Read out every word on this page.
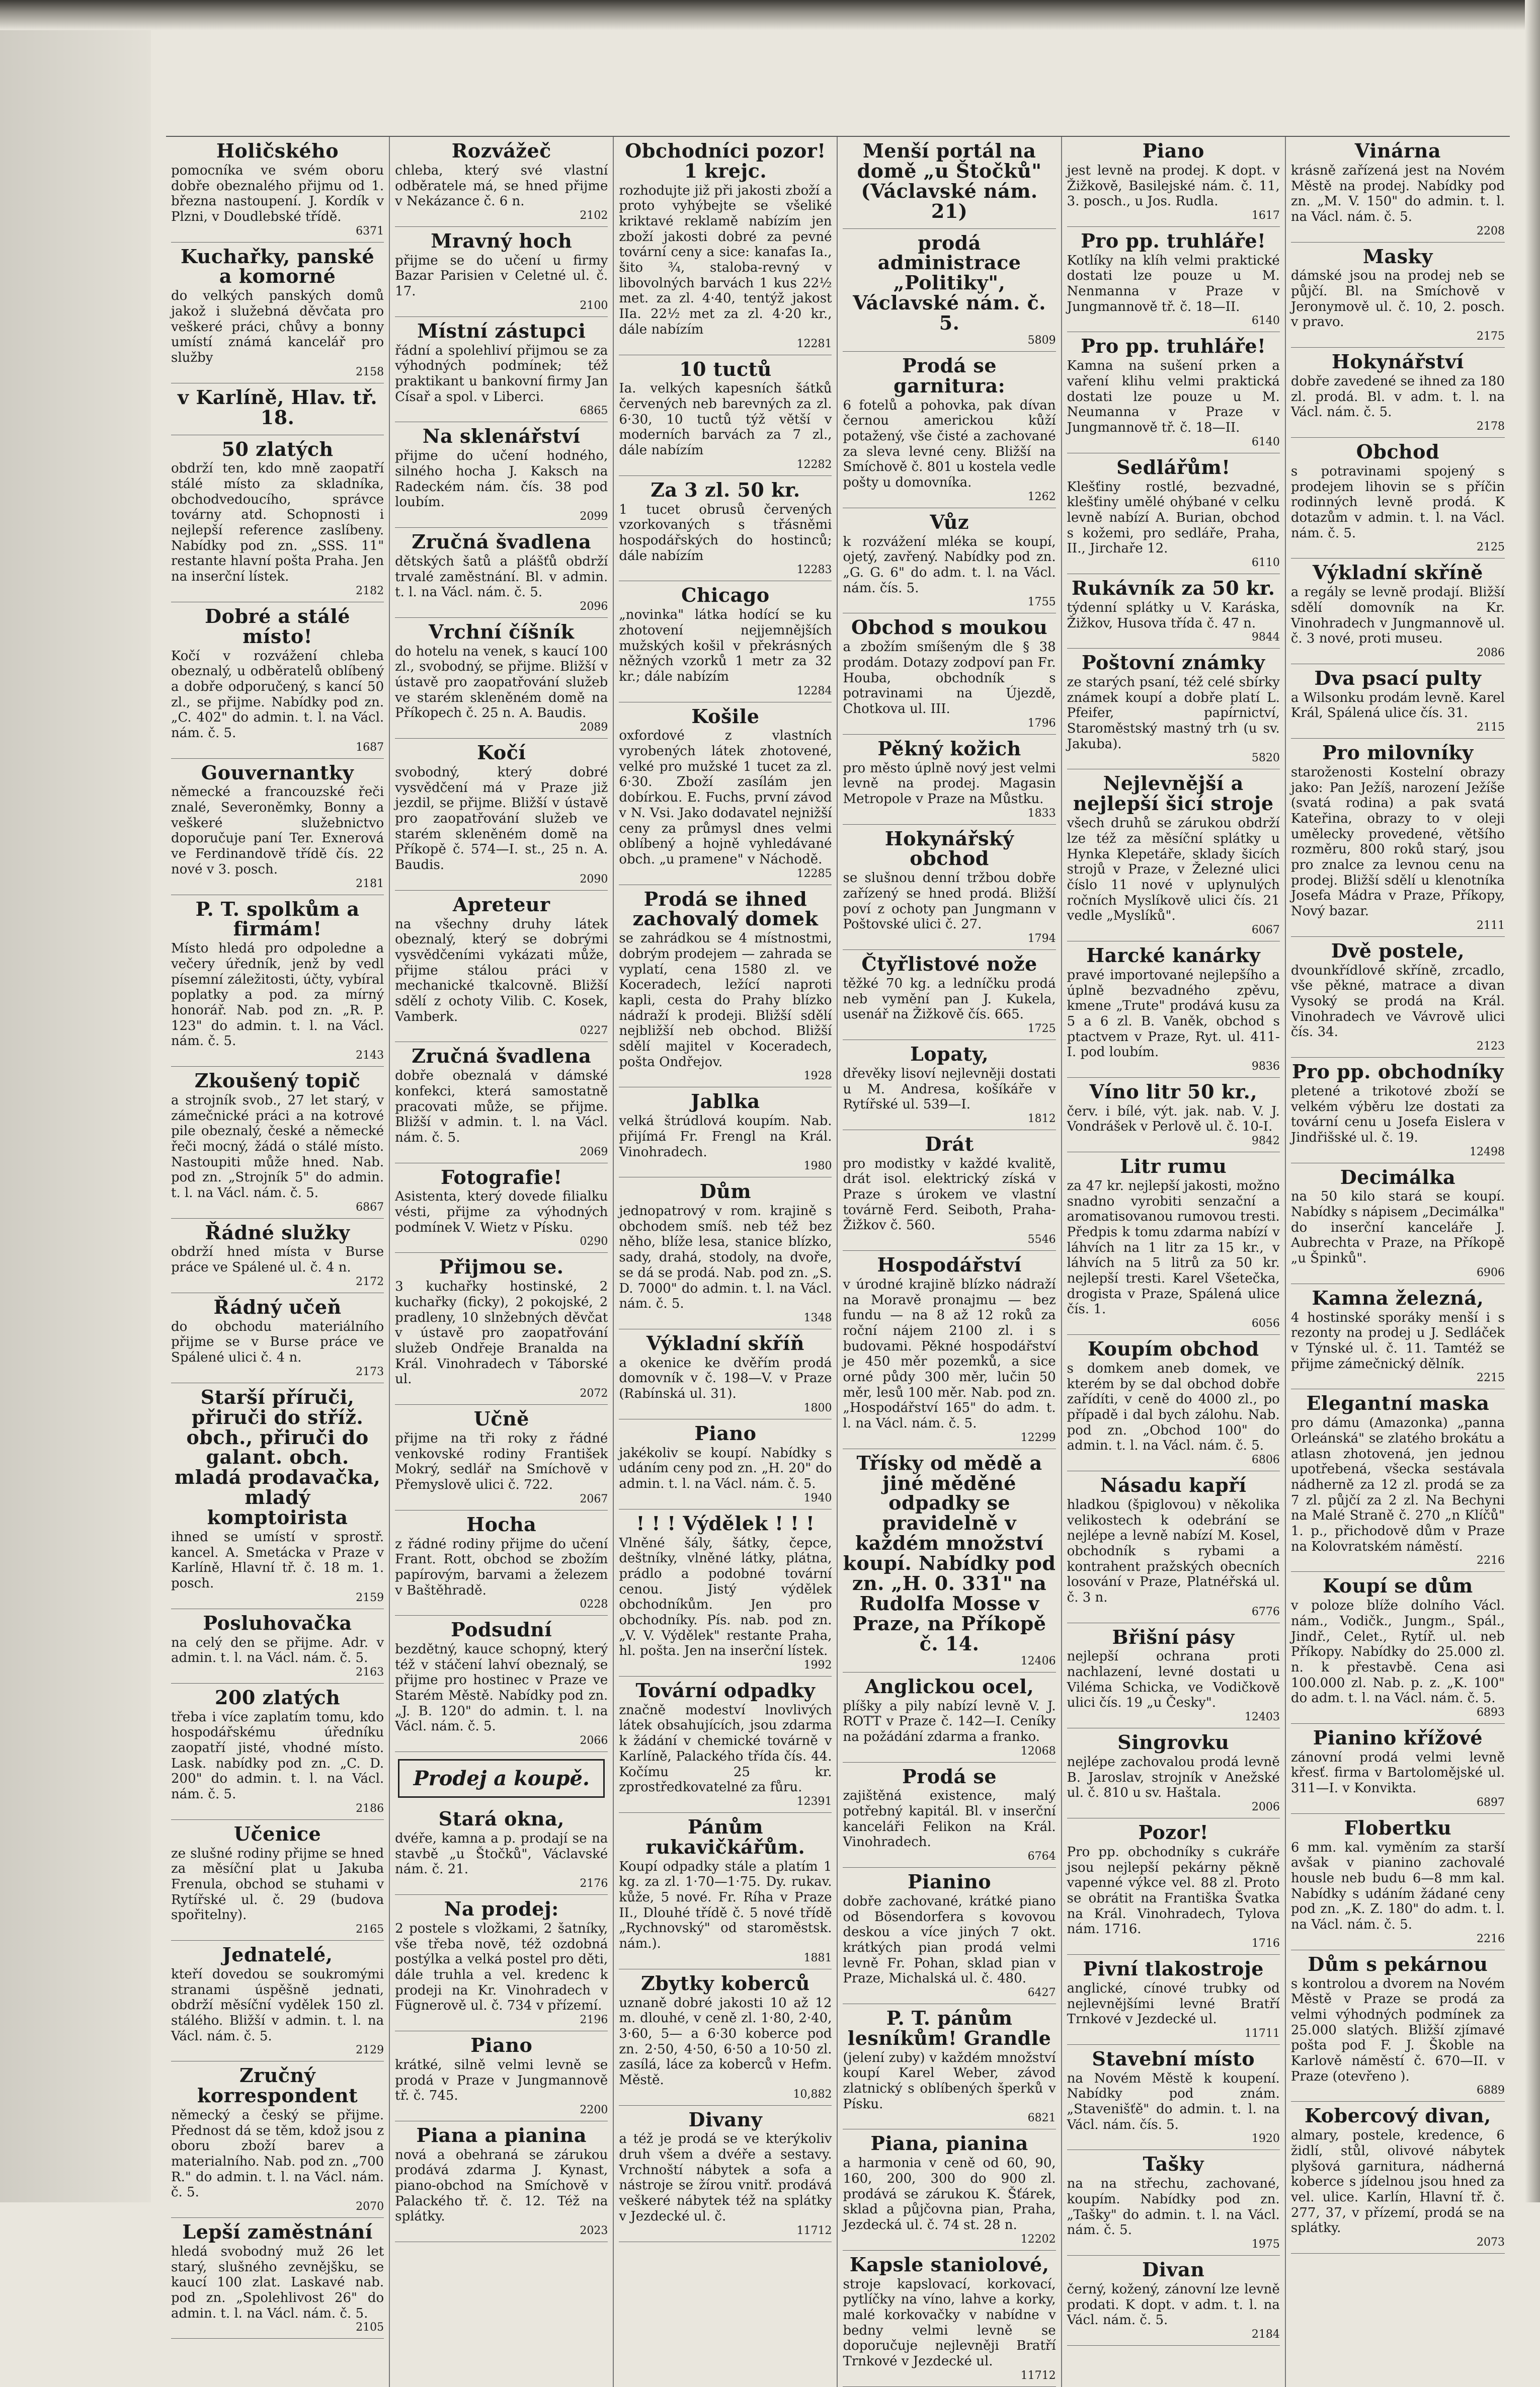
Holičského

pomocníka ve svém oboru dobře obeznalého přijmu od 1. března nastoupení. J. Kordík v Plzni, v Doudlebské třídě.

6371
Kuchařky, panské a komorné

do velkých panských domů jakož i služebná děvčata pro veškeré práci, chůvy a bonny umístí známá kancelář pro služby

2158
v Karlíně, Hlav. tř. 18.
50 zlatých

obdrží ten, kdo mně zaopatří stálé místo za skladníka, obchodvedoucího, správce továrny atd. Schopnosti i nejlepší reference zaslíbeny. Nabídky pod zn. „SSS. 11" restante hlavní pošta Praha. Jen na inserční lístek.

2182
Dobré a stálé místo!

Kočí v rozvážení chleba obeznalý, u odběratelů oblíbený a dobře odporučený, s kancí 50 zl., se přijme. Nabídky pod zn. „C. 402" do admin. t. l. na Václ. nám. č. 5.

1687
Gouvernantky

německé a francouzské řeči znalé, Severoněmky, Bonny a veškeré služebnictvo doporučuje paní Ter. Exnerová ve Ferdinandově třídě čís. 22 nové v 3. posch.

2181
P. T. spolkům a firmám!

Místo hledá pro odpoledne a večery úředník, jenž by vedl písemní záležitosti, účty, vybíral poplatky a pod. za mírný honorář. Nab. pod zn. „R. P. 123" do admin. t. l. na Václ. nám. č. 5.

2143
Zkoušený topič

a strojník svob., 27 let starý, v zámečnické práci a na kotrové pile obeznalý, české a německé řeči mocný, žádá o stálé místo. Nastoupiti může hned. Nab. pod zn. „Strojník 5" do admin. t. l. na Václ. nám. č. 5.

6867
Řádné služky

obdrží hned místa v Burse práce ve Spálené ul. č. 4 n.

2172
Řádný učeň

do obchodu materiálního přijme se v Burse práce ve Spálené ulici č. 4 n.

2173
Starší příruči, přiruči do stříž. obch., přiruči do galant. obch. mladá prodavačka, mladý komptoirista

ihned se umístí v sprostř. kancel. A. Smetácka v Praze v Karlíně, Hlavní tř. č. 18 m. 1. posch.

2159
Posluhovačka

na celý den se přijme. Adr. v admin. t. l. na Václ. nám. č. 5.

2163
200 zlatých

třeba i více zaplatím tomu, kdo hospodářskému úředníku zaopatří jisté, vhodné místo. Lask. nabídky pod zn. „C. D. 200" do admin. t. l. na Václ. nám. č. 5.

2186
Učenice

ze slušné rodiny přijme se hned za měsíční plat u Jakuba Frenula, obchod se stuhami v Rytířské ul. č. 29 (budova spořitelny).

2165
Jednatelé,

kteří dovedou se soukromými stranami úspěšně jednati, obdrží měsíční vydělek 150 zl. stálého. Bližší v admin. t. l. na Václ. nám. č. 5.

2129
Zručný korrespondent

německý a český se přijme. Přednost dá se těm, kdož jsou z oboru zboží barev a materialního. Nab. pod zn. „700 R." do admin. t. l. na Václ. nám. č. 5.

2070
Lepší zaměstnání

hledá svobodný muž 26 let starý, slušného zevnějšku, se kaucí 100 zlat. Laskavé nab. pod zn. „Spolehlivost 26" do admin. t. l. na Václ. nám. č. 5.

2105
Rozvážeč

chleba, který své vlastní odběratele má, se hned přijme v Nekázance č. 6 n.

2102
Mravný hoch

přijme se do učení u firmy Bazar Parisien v Celetné ul. č. 17.

2100
Místní zástupci

řádní a spolehliví přijmou se za výhodných podmínek; též praktikant u bankovní firmy Jan Císař a spol. v Liberci.

6865
Na sklenářství

přijme do učení hodného, silného hocha J. Kaksch na Radeckém nám. čís. 38 pod loubím.

2099
Zručná švadlena

dětských šatů a plášťů obdrží trvalé zaměstnání. Bl. v admin. t. l. na Václ. nám. č. 5.

2096
Vrchní číšník

do hotelu na venek, s kaucí 100 zl., svobodný, se přijme. Bližší v ústavě pro zaopatřování služeb ve starém skleněném domě na Příkopech č. 25 n. A. Baudis.

2089
Kočí

svobodný, který dobré vysvědčení má v Praze již jezdil, se přijme. Bližší v ústavě pro zaopatřování služeb ve starém skleněném domě na Příkopě č. 574—I. st., 25 n. A. Baudis.

2090
Apreteur

na všechny druhy látek obeznalý, který se dobrými vysvědčeními vykázati může, přijme stálou práci v mechanické tkalcovně. Bližší sdělí z ochoty Vilib. C. Kosek, Vamberk.

0227
Zručná švadlena

dobře obeznalá v dámské konfekci, která samostatně pracovati může, se přijme. Bližší v admin. t. l. na Václ. nám. č. 5.

2069
Fotografie!

Asistenta, který dovede filialku vésti, přijme za výhodných podmínek V. Wietz v Písku.

0290
Přijmou se.

3 kuchařky hostinské, 2 kuchařky (ficky), 2 pokojské, 2 pradleny, 10 slnžebných děvčat v ústavě pro zaopatřování služeb Ondřeje Branalda na Král. Vinohradech v Táborské ul.

2072
Učně

přijme na tři roky z řádné venkovské rodiny František Mokrý, sedlář na Smíchově v Přemyslově ulici č. 722.

2067
Hocha

z řádné rodiny přijme do učení Frant. Rott, obchod se zbožím papírovým, barvami a železem v Baštěhradě.

0228
Podsudní

bezdětný, kauce schopný, který též v stáčení lahví obeznalý, se přijme pro hostinec v Praze ve Starém Městě. Nabídky pod zn. „J. B. 120" do admin. t. l. na Václ. nám. č. 5.

2066
Prodej a koupě.
Stará okna,

dvéře, kamna a p. prodají se na stavbě „u Štočků", Václavské nám. č. 21.

2176
Na prodej:

2 postele s vložkami, 2 šatníky, vše třeba nově, též ozdobná postýlka a velká postel pro děti, dále truhla a vel. kredenc k prodeji na Kr. Vinohradech v Fügnerově ul. č. 734 v přízemí.

2196
Piano

krátké, silně velmi levně se prodá v Praze v Jungmannově tř. č. 745.

2200
Piana a pianina

nová a obehraná se zárukou prodává zdarma J. Kynast, piano-obchod na Smíchově v Palackého tř. č. 12. Též na splátky.

2023
Obchodníci pozor! 1 krejc.

rozhodujte již při jakosti zboží a proto vyhýbejte se všeliké kriktavé reklamě nabízím jen zboží jakosti dobré za pevné tovární ceny a sice: kanafas Ia., šito ¾, staloba-revný v libovolných barvách 1 kus 22½ met. za zl. 4·40, tentýž jakost IIa. 22½ met za zl. 4·20 kr., dále nabízím

12281
10 tuctů

Ia. velkých kapesních šátků červených neb barevných za zl. 6·30, 10 tuctů týž větší v moderních barvách za 7 zl., dále nabízím

12282
Za 3 zl. 50 kr.

1 tucet obrusů červených vzorkovaných s třásněmi hospodářských do hostinců; dále nabízím

12283
Chicago

„novinka" látka hodící se ku zhotovení nejjemnějších mužských košil v překrásných něžných vzorků 1 metr za 32 kr.; dále nabízím

12284
Košile

oxfordové z vlastních vyrobených látek zhotovené, velké pro mužské 1 tucet za zl. 6·30. Zboží zasílám jen dobírkou. E. Fuchs, první závod v N. Vsi. Jako dodavatel nejnižší ceny za průmysl dnes velmi oblíbený a hojně vyhledávané obch. „u pramene" v Náchodě.

12285
Prodá se ihned zachovalý domek

se zahrádkou se 4 místnostmi, dobrým prodejem — zahrada se vyplatí, cena 1580 zl. ve Koceradech, ležící naproti kapli, cesta do Prahy blízko nádraží k prodeji. Bližší sdělí nejbližší neb obchod. Bližší sdělí majitel v Koceradech, pošta Ondřejov.

1928
Jablka

velká štrúdlová koupím. Nab. přijímá Fr. Frengl na Král. Vinohradech.

1980
Dům

jednopatrový v rom. krajině s obchodem smíš. neb též bez něho, blíže lesa, stanice blízko, sady, drahá, stodoly, na dvoře, se dá se prodá. Nab. pod zn. „S. D. 7000" do admin. t. l. na Václ. nám. č. 5.

1348
Výkladní skříň

a okenice ke dvěřím prodá domovník v č. 198—V. v Praze (Rabínská ul. 31).

1800
Piano

jakékoliv se koupí. Nabídky s udáním ceny pod zn. „H. 20" do admin. t. l. na Václ. nám. č. 5.

1940
! ! ! Výdělek ! ! !

Vlněné šály, šátky, čepce, deštníky, vlněné látky, plátna, prádlo a podobné tovární cenou. Jistý výdělek obchodníkům. Jen pro obchodníky. Pís. nab. pod zn. „V. V. Výdělek" restante Praha, hl. pošta. Jen na inserční lístek.

1992
Tovární odpadky

značně modeství lnovlivých látek obsahujících, jsou zdarma k žádání v chemické továrně v Karlíně, Palackého třída čís. 44. Kočímu 25 kr. zprostředkovatelné za fůru.

12391
Pánům rukavičkářům.

Koupí odpadky stále a platím 1 kg. za zl. 1·70—1·75. Dy. rukav. kůže, 5 nové. Fr. Ríha v Praze II., Dlouhé třídě č. 5 nové třídě „Rychnovský" od staroměstsk. nám.).

1881
Zbytky koberců

uznaně dobré jakosti 10 až 12 m. dlouhé, v ceně zl. 1·80, 2·40, 3·60, 5— a 6·30 koberce pod zn. 2·50, 4·50, 6·50 a 10·50 zl. zasílá, láce za koberců v Hefm. Městě.

10,882
Divany

a též je prodá se ve kterýkoliv druh všem a dvéře a sestavy. Vrchnoští nábytek a sofa a nástroje se žírou vnitř. prodává veškeré nábytek též na splátky v Jezdecké ul. č.

11712
Menší portál na domě „u Štočků" (Václavské nám. 21)
prodá administrace „Politiky", Václavské nám. č. 5.
5809
Prodá se garnitura:

6 fotelů a pohovka, pak dívan černou americkou kůží potažený, vše čisté a zachované za sleva levné ceny. Bližší na Smíchově č. 801 u kostela vedle pošty u domovníka.

1262
Vůz

k rozvážení mléka se koupí, ojetý, zavřený. Nabídky pod zn. „G. G. 6" do adm. t. l. na Václ. nám. čís. 5.

1755
Obchod s moukou

a zbožím smíšeným dle § 38 prodám. Dotazy zodpoví pan Fr. Houba, obchodník s potravinami na Újezdě, Chotkova ul. III.

1796
Pěkný kožich

pro město úplně nový jest velmi levně na prodej. Magasin Metropole v Praze na Můstku.

1833
Hokynářský obchod

se slušnou denní tržbou dobře zařízený se hned prodá. Bližší poví z ochoty pan Jungmann v Poštovské ulici č. 27.

1794
Čtyřlistové nože

těžké 70 kg. a ledníčku prodá neb vymění pan J. Kukela, usenář na Žižkově čís. 665.

1725
Lopaty,

dřevěky lisoví nejlevněji dostati u M. Andresa, košíkáře v Rytířské ul. 539—I.

1812
Drát

pro modistky v každé kvalitě, drát isol. elektrický získá v Praze s úrokem ve vlastní továrně Ferd. Seiboth, Praha-Žižkov č. 560.

5546
Hospodářství

v úrodné krajině blízko nádraží na Moravě pronajmu — bez fundu — na 8 až 12 roků za roční nájem 2100 zl. i s budovami. Pěkné hospodářství je 450 měr pozemků, a sice orné půdy 300 měr, lučin 50 měr, lesů 100 měr. Nab. pod zn. „Hospodářství 165" do adm. t. l. na Václ. nám. č. 5.

12299
Třísky od mědě a jiné měděné odpadky se pravidelně v každém množství koupí. Nabídky pod zn. „H. 0. 331" na Rudolfa Mosse v Praze, na Příkopě č. 14.
12406
Anglickou ocel,

plíšky a pily nabízí levně V. J. ROTT v Praze č. 142—I. Ceníky na požádání zdarma a franko.

12068
Prodá se

zajištěná existence, malý potřebný kapitál. Bl. v inserční kanceláři Felikon na Král. Vinohradech.

6764
Pianino

dobře zachované, krátké piano od Bösendorfera s kovovou deskou a více jiných 7 okt. krátkých pian prodá velmi levně Fr. Pohan, sklad pian v Praze, Michalská ul. č. 480.

6427
P. T. pánům lesníkům! Grandle

(jelení zuby) v každém množství koupí Karel Weber, závod zlatnický s oblíbených šperků v Písku.

6821
Piana, pianina

a harmonia v ceně od 60, 90, 160, 200, 300 do 900 zl. prodává se zárukou K. Šťárek, sklad a půjčovna pian, Praha, Jezdecká ul. č. 74 st. 28 n.

12202
Kapsle staniolové,

stroje kapslovací, korkovací, pytlíčky na víno, lahve a korky, malé korkovačky v nabídne v bedny velmi levně se doporučuje nejlevněji Bratří Trnkové v Jezdecké ul.

11712
Piano

jest levně na prodej. K dopt. v Žižkově, Basilejské nám. č. 11, 3. posch., u Jos. Rudla.

1617
Pro pp. truhláře!

Kotlíky na klíh velmi praktické dostati lze pouze u M. Nenmanna v Praze v Jungmannově tř. č. 18—II.

6140
Pro pp. truhláře!

Kamna na sušení prken a vaření klihu velmi praktická dostati lze pouze u M. Neumanna v Praze v Jungmannově tř. č. 18—II.

6140
Sedlářům!

Klešťiny rostlé, bezvadné, klešťiny umělé ohýbané v celku levně nabízí A. Burian, obchod s kožemi, pro sedláře, Praha, II., Jirchaře 12.

6110
Rukávník za 50 kr.

týdenní splátky u V. Karáska, Žižkov, Husova třída č. 47 n.

9844
Poštovní známky

ze starých psaní, též celé sbírky známek koupí a dobře platí L. Pfeifer, papírnictví, Staroměstský mastný trh (u sv. Jakuba).

5820
Nejlevnější a nejlepší šicí stroje

všech druhů se zárukou obdrží lze též za měsíční splátky u Hynka Klepetáře, sklady šicích strojů v Praze, v Železné ulici číslo 11 nové v uplynulých ročních Myslíkově ulici čís. 21 vedle „Myslíků".

6067
Harcké kanárky

pravé importované nejlepšího a úplně bezvadného zpěvu, kmene „Trute" prodává kusu za 5 a 6 zl. B. Vaněk, obchod s ptactvem v Praze, Ryt. ul. 411-I. pod loubím.

9836
Víno litr 50 kr.,

červ. i bílé, výt. jak. nab. V. J. Vondrášek v Perlově ul. č. 10-I.

9842
Litr rumu

za 47 kr. nejlepší jakosti, možno snadno vyrobiti senzační a aromatisovanou rumovou tresti. Předpis k tomu zdarma nabízí v láhvích na 1 litr za 15 kr., v láhvích na 5 litrů za 50 kr. nejlepší tresti. Karel Všetečka, drogista v Praze, Spálená ulice čís. 1.

6056
Koupím obchod

s domkem aneb domek, ve kterém by se dal obchod dobře zařídíti, v ceně do 4000 zl., po případě i dal bych zálohu. Nab. pod zn. „Obchod 100" do admin. t. l. na Václ. nám. č. 5.

6806
Násadu kapří

hladkou (špiglovou) v několika velikostech k odebrání se nejlépe a levně nabízí M. Kosel, obchodník s rybami a kontrahent pražských obecních losování v Praze, Platnéřská ul. č. 3 n.

6776
Břišní pásy

nejlepší ochrana proti nachlazení, levné dostati u Viléma Schicka, ve Vodičkově ulici čís. 19 „u Česky".

12403
Singrovku

nejlépe zachovalou prodá levně B. Jaroslav, strojník v Anežské ul. č. 810 u sv. Haštala.

2006
Pozor!

Pro pp. obchodníky s cukráře jsou nejlepší pekárny pěkně vapenné výkce vel. 88 zl. Proto se obrátit na Františka Švatka na Král. Vinohradech, Tylova nám. 1716.

1716
Pivní tlakostroje

anglické, cínové trubky od nejlevnějšími levné Bratří Trnkové v Jezdecké ul.

11711
Stavební místo

na Novém Městě k koupení. Nabídky pod znám. „Stavenišťě" do admin. t. l. na Václ. nám. čís. 5.

1920
Tašky

na na střechu, zachované, koupím. Nabídky pod zn. „Tašky" do admin. t. l. na Václ. nám. č. 5.

1975
Divan

černý, kožený, zánovní lze levně prodati. K dopt. v adm. t. l. na Václ. nám. č. 5.

2184
Vinárna

krásně zařízená jest na Novém Městě na prodej. Nabídky pod zn. „M. V. 150" do admin. t. l. na Václ. nám. č. 5.

2208
Masky

dámské jsou na prodej neb se půjčí. Bl. na Smíchově v Jeronymově ul. č. 10, 2. posch. v pravo.

2175
Hokynářství

dobře zavedené se ihned za 180 zl. prodá. Bl. v adm. t. l. na Václ. nám. č. 5.

2178
Obchod

s potravinami spojený s prodejem lihovin se s příčin rodinných levně prodá. K dotazům v admin. t. l. na Václ. nám. č. 5.

2125
Výkladní skříně

a regály se levně prodají. Bližší sdělí domovník na Kr. Vinohradech v Jungmannově ul. č. 3 nové, proti museu.

2086
Dva psací pulty

a Wilsonku prodám levně. Karel Král, Spálená ulice čís. 31.

2115
Pro milovníky

staroženosti Kostelní obrazy jako: Pan Ježíš, narození Ježíše (svatá rodina) a pak svatá Kateřina, obrazy to v oleji umělecky provedené, většího rozměru, 800 roků starý, jsou pro znalce za levnou cenu na prodej. Bližší sdělí u klenotníka Josefa Mádra v Praze, Příkopy, Nový bazar.

2111
Dvě postele,

dvounkřídlové skříně, zrcadlo, vše pěkné, matrace a divan Vysoký se prodá na Král. Vinohradech ve Vávrově ulici čís. 34.

2123
Pro pp. obchodníky

pletené a trikotové zboží se velkém výběru lze dostati za tovární cenu u Josefa Eislera v Jindřišské ul. č. 19.

12498
Decimálka

na 50 kilo stará se koupí. Nabídky s nápisem „Decimálka" do inserční kanceláře J. Aubrechta v Praze, na Příkopě „u Špinků".

6906
Kamna železná,

4 hostinské sporáky menší i s rezonty na prodej u J. Sedláček v Týnské ul. č. 11. Tamtéž se přijme zámečnický dělník.

2215
Elegantní maska

pro dámu (Amazonka) „panna Orleánská" se zlatého brokátu a atlasn zhotovená, jen jednou upotřebená, všecka sestávala nádherně za 12 zl. prodá se za 7 zl. půjčí za 2 zl. Na Bechyni na Malé Straně č. 270 „n Klíčů" 1. p., přichodově dům v Praze na Kolovratském náměstí.

2216
Koupí se dům

v poloze blíže dolního Václ. nám., Vodičk., Jungm., Spál., Jindř., Celet., Rytíř. ul. neb Příkopy. Nabídky do 25.000 zl. n. k přestavbě. Cena asi 100.000 zl. Nab. p. z. „K. 100" do adm. t. l. na Václ. nám. č. 5.

6893
Pianino křížové

zánovní prodá velmi levně křesť. firma v Bartolomějské ul. 311—I. v Konvikta.

6897
Flobertku

6 mm. kal. vyměním za starší avšak v pianino zachovalé housle neb budu 6—8 mm kal. Nabídky s udáním žádané ceny pod zn. „K. Z. 180" do adm. t. l. na Václ. nám. č. 5.

2216
Dům s pekárnou

s kontrolou a dvorem na Novém Městě v Praze se prodá za velmi výhodných podmínek za 25.000 slatých. Bližší zjímavé pošta pod F. J. Škoble na Karlově náměstí č. 670—II. v Praze (otevřeno ).

6889
Kobercový divan,

almary, postele, kredence, 6 židlí, stůl, olivové nábytek plyšová garnitura, nádherná koberce s jídelnou jsou hned za vel. ulice. Karlín, Hlavní tř. č. 277, 37, v přízemí, prodá se na splátky.

2073
